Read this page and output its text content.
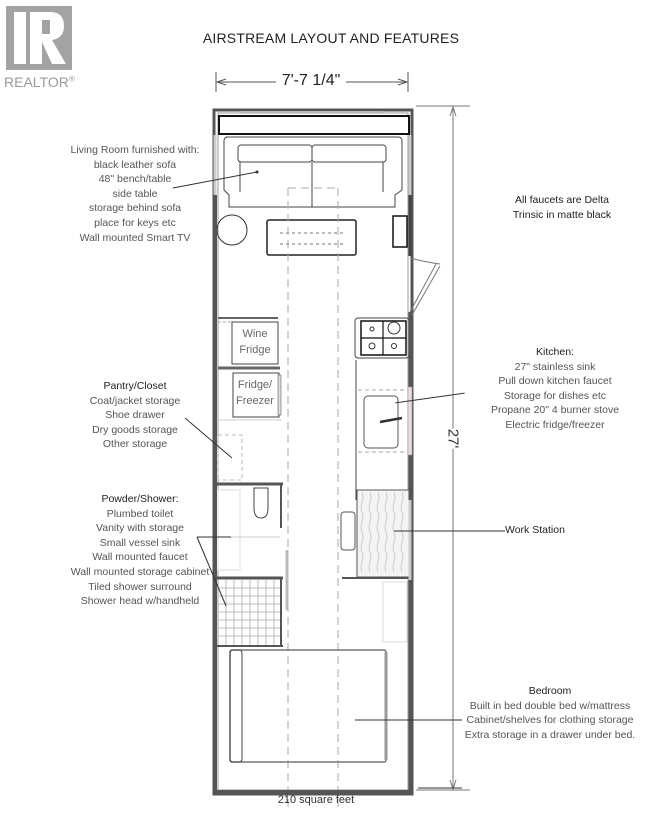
REALTOR®
AIRSTREAM LAYOUT AND FEATURES
7'-7 1/4"
27'
Wine
Fridge
Fridge/
Freezer
Living Room furnished with:
black leather sofa
48" bench/table
side table
storage behind sofa
place for keys etc
Wall mounted Smart TV
All faucets are Delta
Trinsic in matte black
Kitchen:
27" stainless sink
Pull down kitchen faucet
Storage for dishes etc
Propane 20" 4 burner stove
Electric fridge/freezer
Pantry/Closet
Coat/jacket storage
Shoe drawer
Dry goods storage
Other storage
Powder/Shower:
Plumbed toilet
Vanity with storage
Small vessel sink
Wall mounted faucet
Wall mounted storage cabinet
Tiled shower surround
Shower head w/handheld
Work Station
Bedroom
Built in bed double bed w/mattress
Cabinet/shelves for clothing storage
Extra storage in a drawer under bed.
210 square feet
